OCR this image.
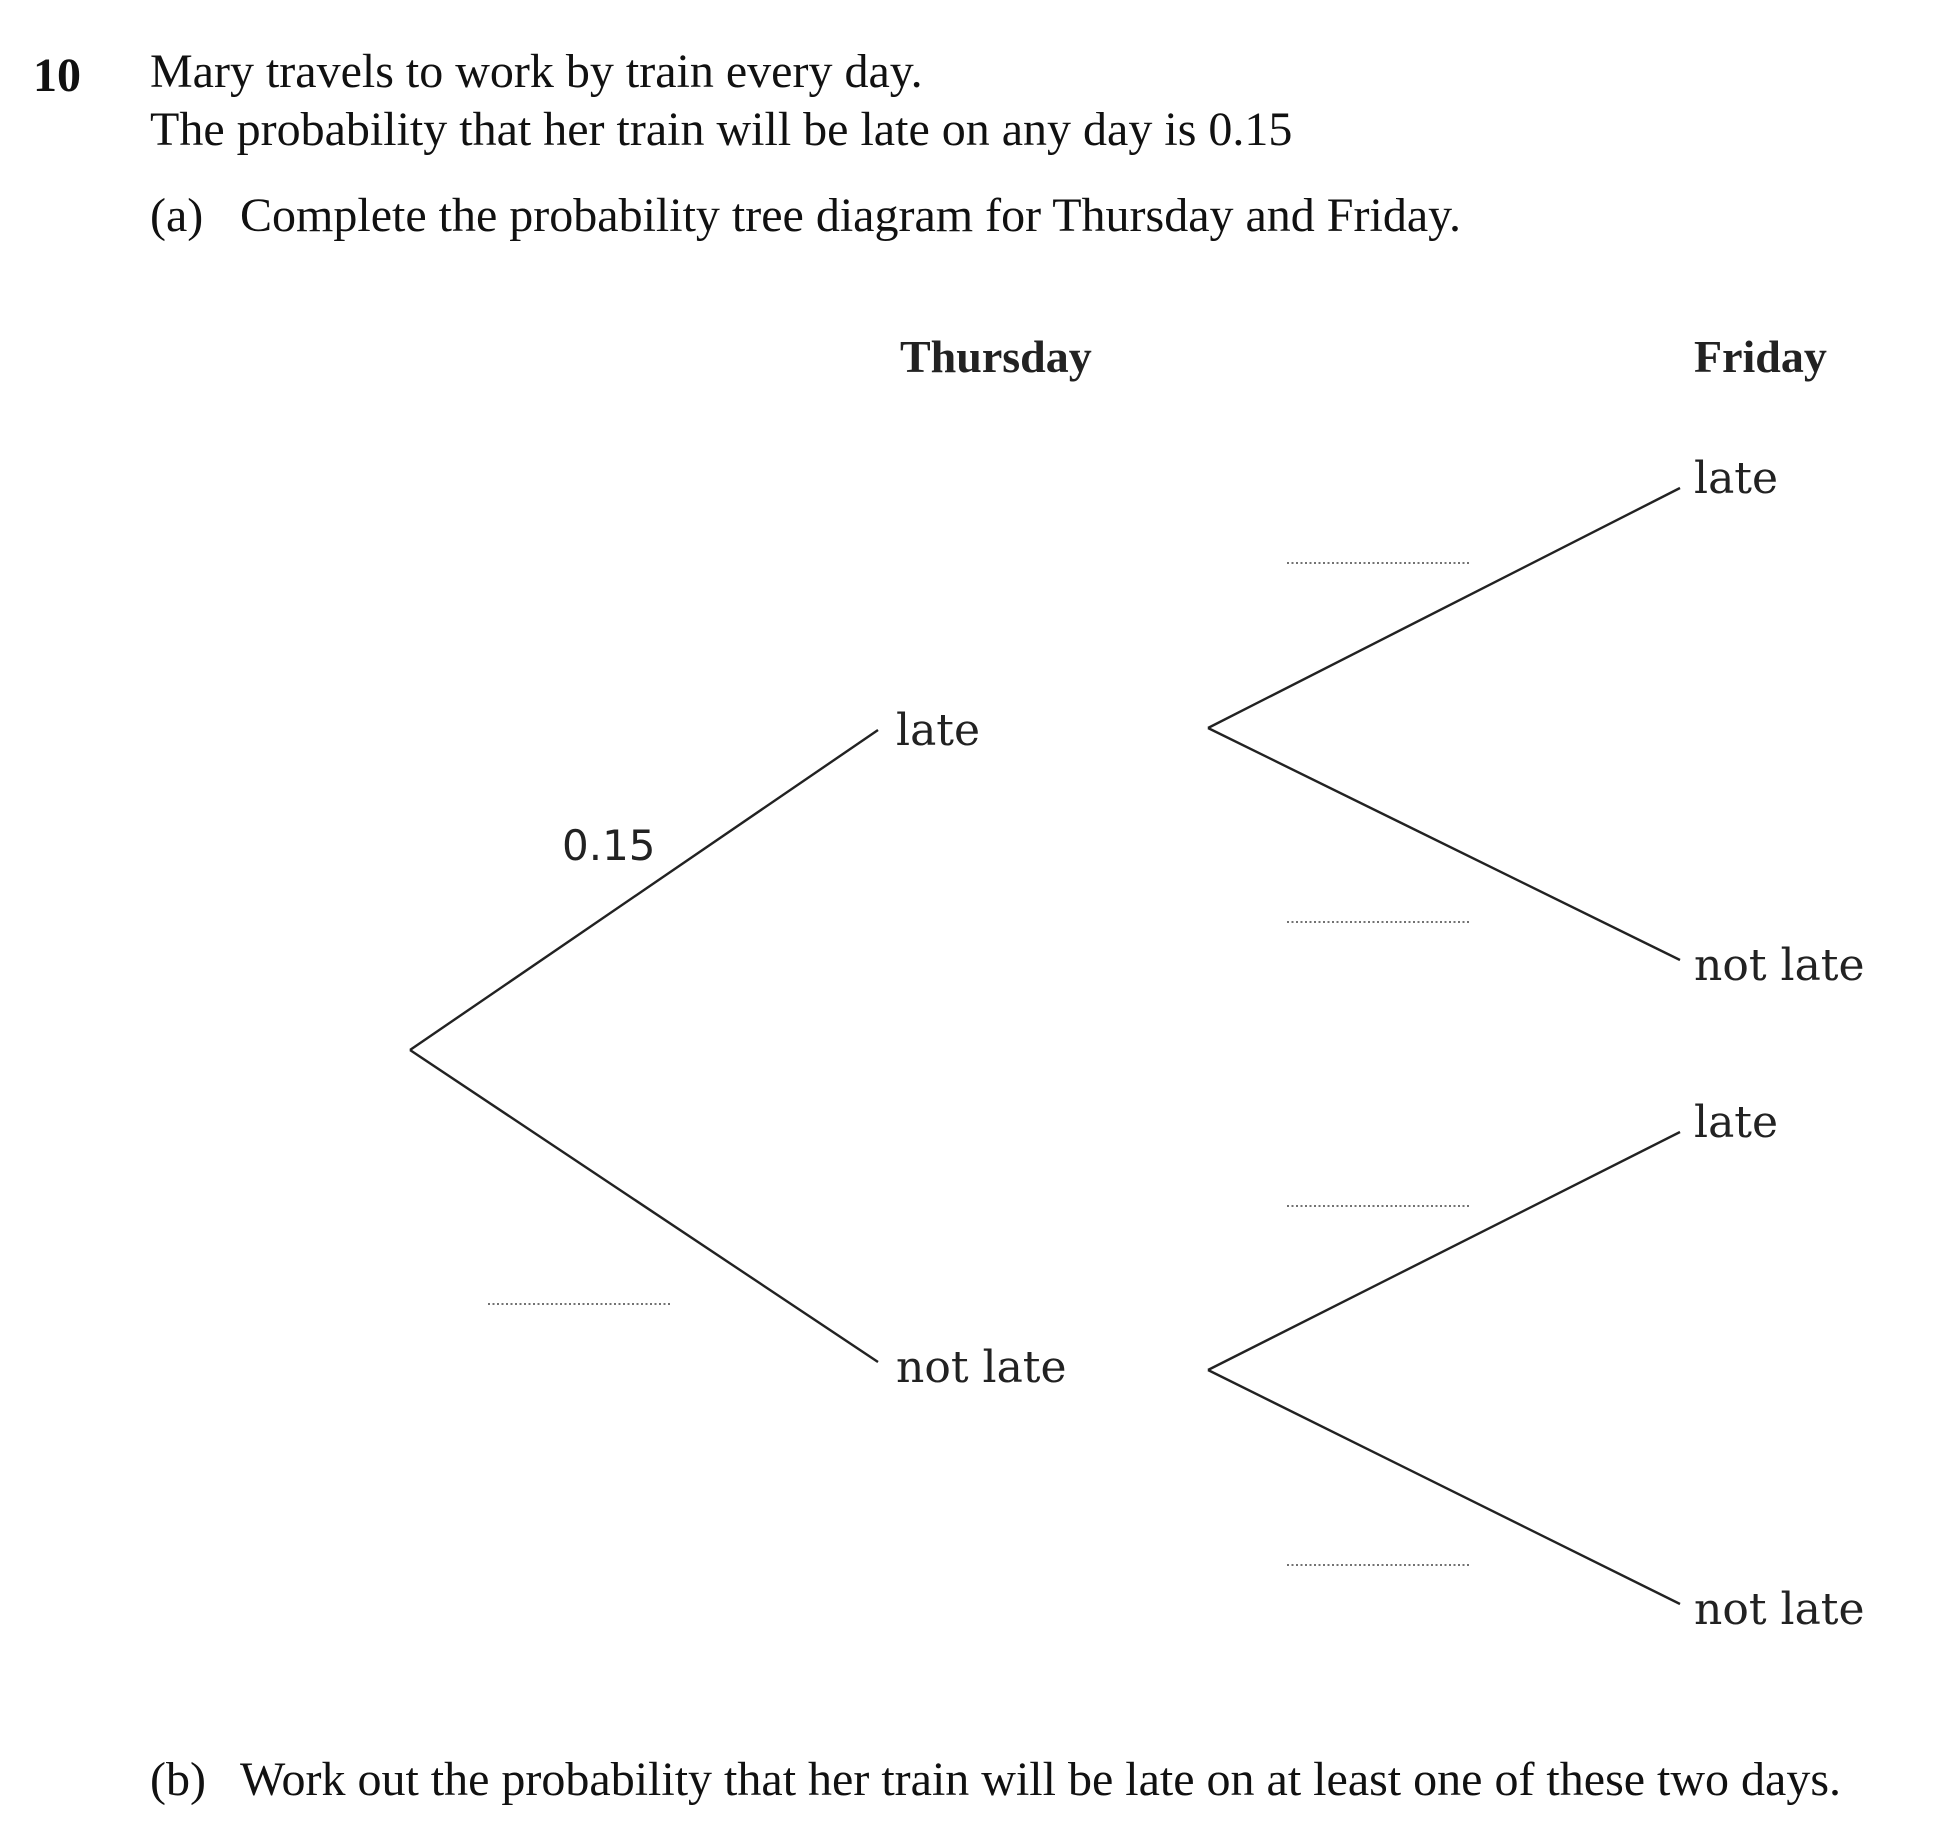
10 Mary travels to work by train every day.
The probability that her train will be late on any day is 0.15
(a) Complete the probability tree diagram for Thursday and Friday.
Thursday	Friday
0.15
late
not late
late
not late
late
not late
(b) Work out the probability that her train will be late on at least one of these two days.
